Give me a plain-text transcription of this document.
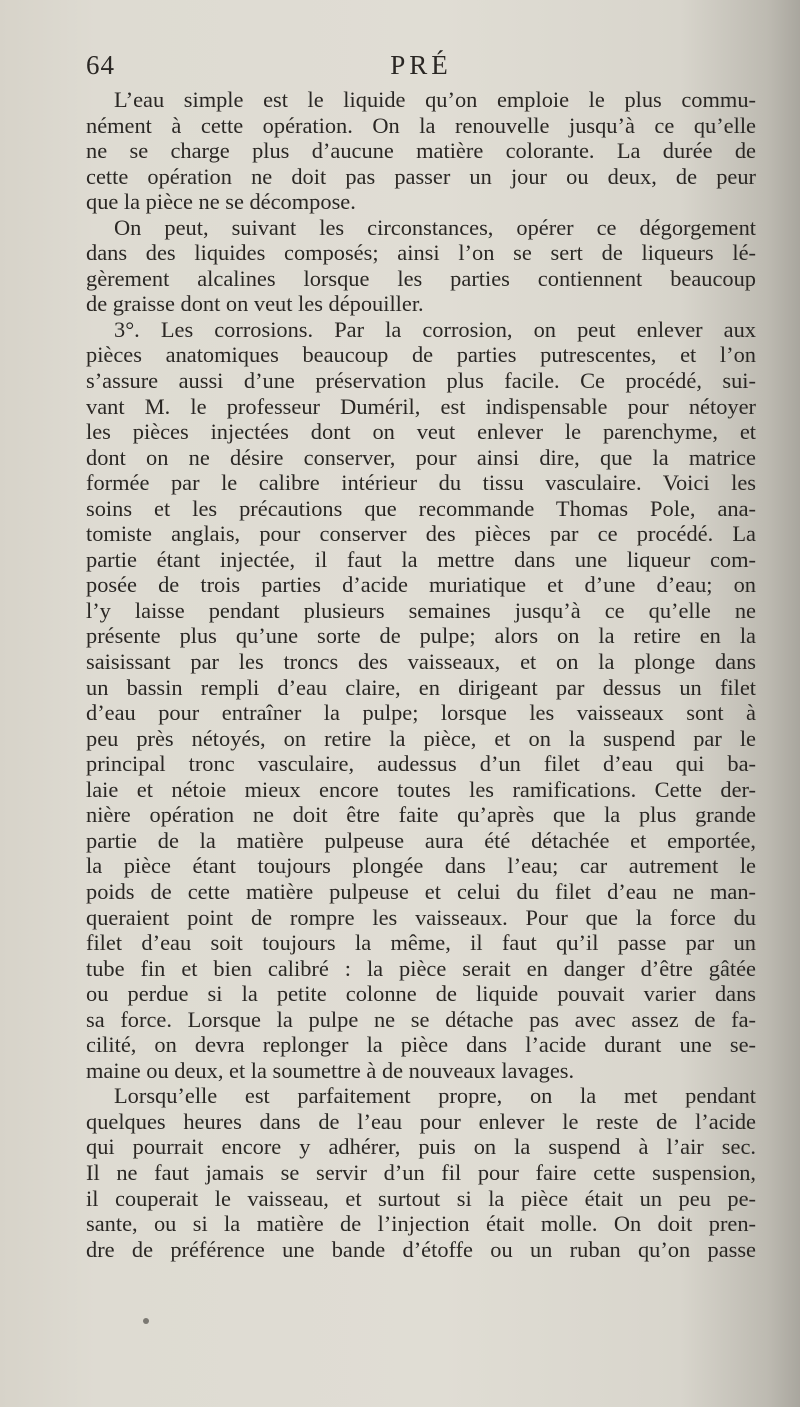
64	PRÉ

L’eau simple est le liquide qu’on emploie le plus commu-
nément à cette opération. On la renouvelle jusqu’à ce qu’elle
ne se charge plus d’aucune matière colorante. La durée de
cette opération ne doit pas passer un jour ou deux, de peur
que la pièce ne se décompose.

On peut, suivant les circonstances, opérer ce dégorgement
dans des liquides composés; ainsi l’on se sert de liqueurs lé-
gèrement alcalines lorsque les parties contiennent beaucoup
de graisse dont on veut les dépouiller.

3°. Les corrosions. Par la corrosion, on peut enlever aux
pièces anatomiques beaucoup de parties putrescentes, et l’on
s’assure aussi d’une préservation plus facile. Ce procédé, sui-
vant M. le professeur Duméril, est indispensable pour nétoyer
les pièces injectées dont on veut enlever le parenchyme, et
dont on ne désire conserver, pour ainsi dire, que la matrice
formée par le calibre intérieur du tissu vasculaire. Voici les
soins et les précautions que recommande Thomas Pole, ana-
tomiste anglais, pour conserver des pièces par ce procédé. La
partie étant injectée, il faut la mettre dans une liqueur com-
posée de trois parties d’acide muriatique et d’une d’eau; on
l’y laisse pendant plusieurs semaines jusqu’à ce qu’elle ne
présente plus qu’une sorte de pulpe; alors on la retire en la
saisissant par les troncs des vaisseaux, et on la plonge dans
un bassin rempli d’eau claire, en dirigeant par dessus un filet
d’eau pour entraîner la pulpe; lorsque les vaisseaux sont à
peu près nétoyés, on retire la pièce, et on la suspend par le
principal tronc vasculaire, audessus d’un filet d’eau qui ba-
laie et nétoie mieux encore toutes les ramifications. Cette der-
nière opération ne doit être faite qu’après que la plus grande
partie de la matière pulpeuse aura été détachée et emportée,
la pièce étant toujours plongée dans l’eau; car autrement le
poids de cette matière pulpeuse et celui du filet d’eau ne man-
queraient point de rompre les vaisseaux. Pour que la force du
filet d’eau soit toujours la même, il faut qu’il passe par un
tube fin et bien calibré : la pièce serait en danger d’être gâtée
ou perdue si la petite colonne de liquide pouvait varier dans
sa force. Lorsque la pulpe ne se détache pas avec assez de fa-
cilité, on devra replonger la pièce dans l’acide durant une se-
maine ou deux, et la soumettre à de nouveaux lavages.

Lorsqu’elle est parfaitement propre, on la met pendant
quelques heures dans de l’eau pour enlever le reste de l’acide
qui pourrait encore y adhérer, puis on la suspend à l’air sec.
Il ne faut jamais se servir d’un fil pour faire cette suspension,
il couperait le vaisseau, et surtout si la pièce était un peu pe-
sante, ou si la matière de l’injection était molle. On doit pren-
dre de préférence une bande d’étoffe ou un ruban qu’on passe
